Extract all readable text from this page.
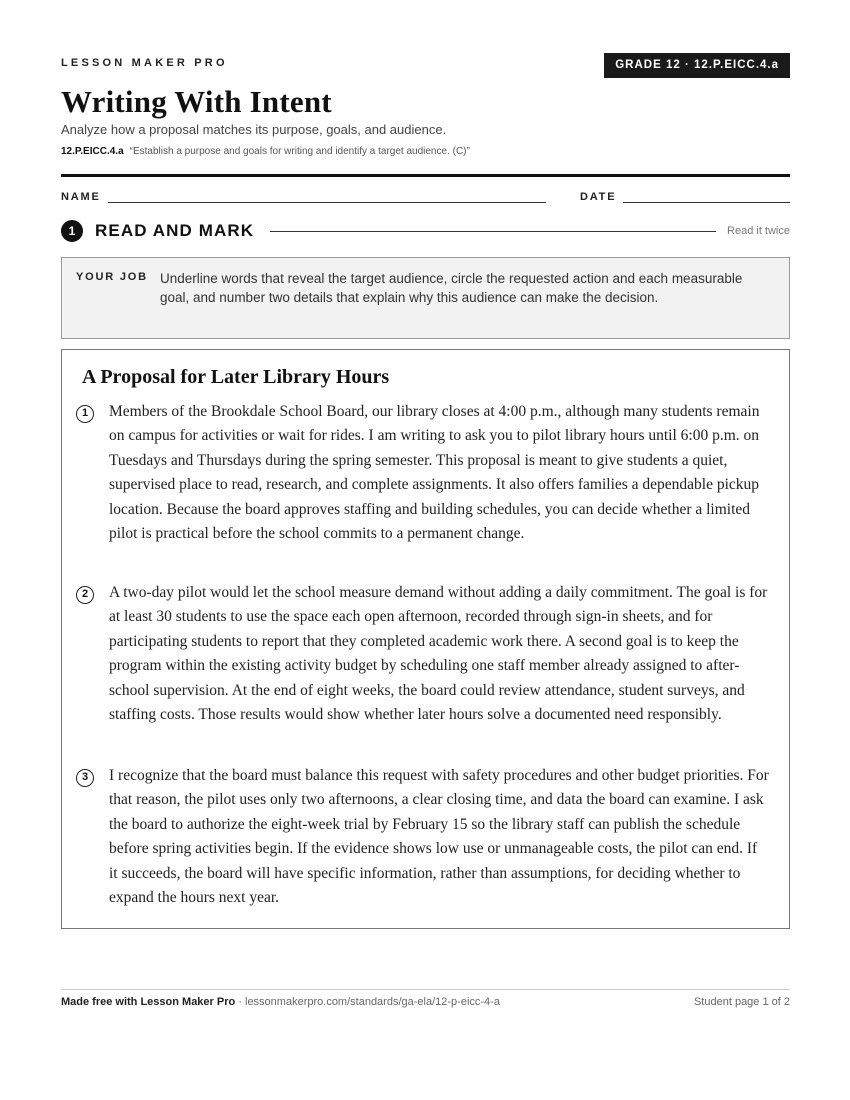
LESSON MAKER PRO	GRADE 12 · 12.P.EICC.4.a
Writing With Intent
Analyze how a proposal matches its purpose, goals, and audience.
12.P.EICC.4.a “Establish a purpose and goals for writing and identify a target audience. (C)”
NAME	DATE
1	READ AND MARK	Read it twice
YOUR JOB Underline words that reveal the target audience, circle the requested action and each measurable goal, and number two details that explain why this audience can make the decision.
A Proposal for Later Library Hours
1	Members of the Brookdale School Board, our library closes at 4:00 p.m., although many students remain on campus for activities or wait for rides. I am writing to ask you to pilot library hours until 6:00 p.m. on Tuesdays and Thursdays during the spring semester. This proposal is meant to give students a quiet, supervised place to read, research, and complete assignments. It also offers families a dependable pickup location. Because the board approves staffing and building schedules, you can decide whether a limited pilot is practical before the school commits to a permanent change.

2	A two-day pilot would let the school measure demand without adding a daily commitment. The goal is for at least 30 students to use the space each open afternoon, recorded through sign-in sheets, and for participating students to report that they completed academic work there. A second goal is to keep the program within the existing activity budget by scheduling one staff member already assigned to after-school supervision. At the end of eight weeks, the board could review attendance, student surveys, and staffing costs. Those results would show whether later hours solve a documented need responsibly.

3	I recognize that the board must balance this request with safety procedures and other budget priorities. For that reason, the pilot uses only two afternoons, a clear closing time, and data the board can examine. I ask the board to authorize the eight-week trial by February 15 so the library staff can publish the schedule before spring activities begin. If the evidence shows low use or unmanageable costs, the pilot can end. If it succeeds, the board will have specific information, rather than assumptions, for deciding whether to expand the hours next year.

Made free with Lesson Maker Pro · lessonmakerpro.com/standards/ga-ela/12-p-eicc-4-a	Student page 1 of 2
